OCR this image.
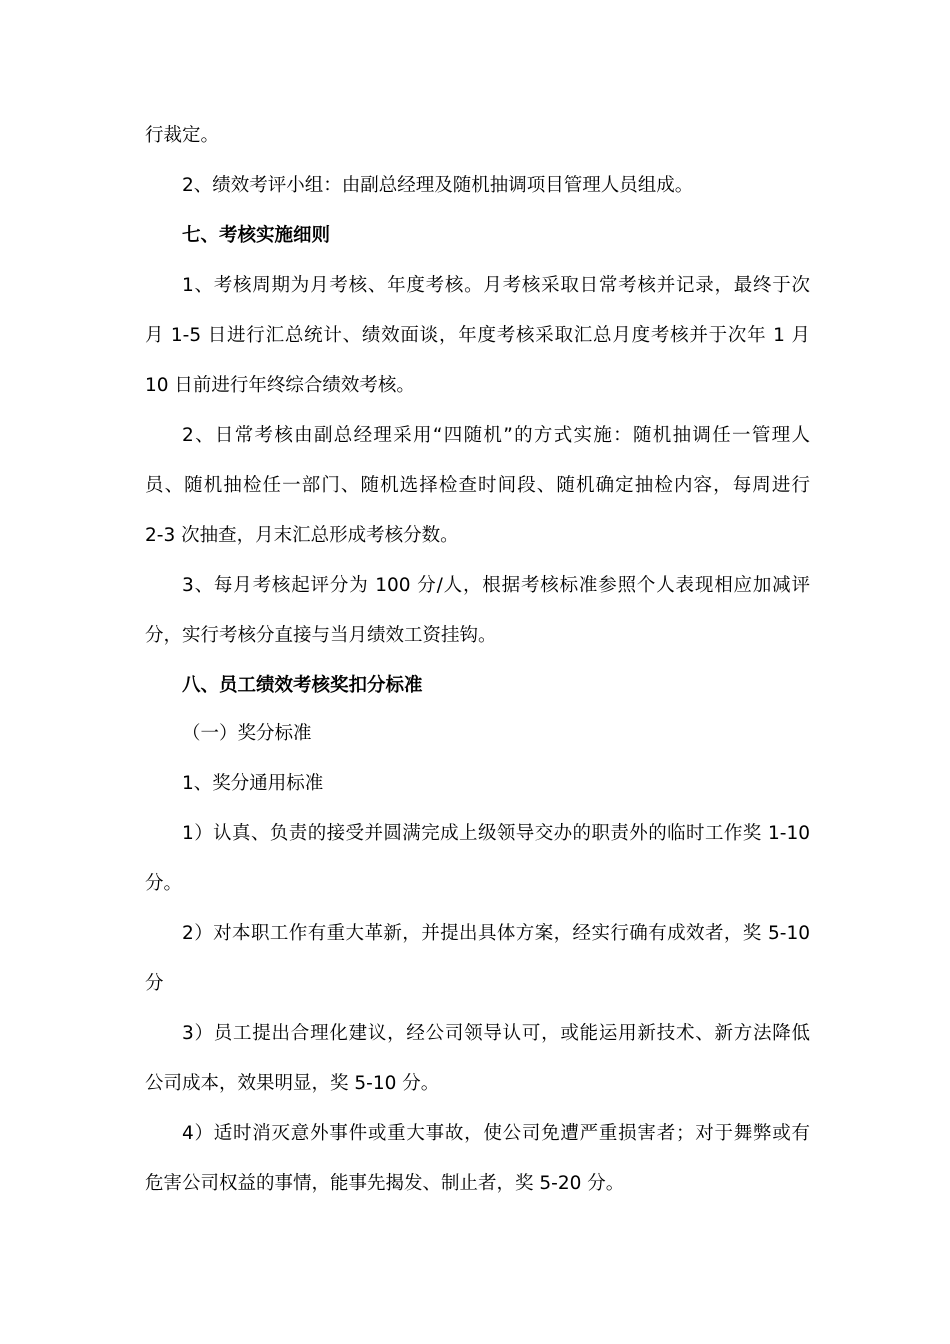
行裁定。
2、绩效考评小组：由副总经理及随机抽调项目管理人员组成。
七、考核实施细则
1、考核周期为月考核、年度考核。月考核采取日常考核并记录，最终于次
月 1-5 日进行汇总统计、绩效面谈，年度考核采取汇总月度考核并于次年 1 月
10 日前进行年终综合绩效考核。
2、日常考核由副总经理采用“四随机”的方式实施：随机抽调任一管理人
员、随机抽检任一部门、随机选择检查时间段、随机确定抽检内容，每周进行
2-3 次抽查，月末汇总形成考核分数。
3、每月考核起评分为 100 分/人，根据考核标准参照个人表现相应加减评
分，实行考核分直接与当月绩效工资挂钩。
八、员工绩效考核奖扣分标准
（一）奖分标准
1、奖分通用标准
1）认真、负责的接受并圆满完成上级领导交办的职责外的临时工作奖 1-10
分。
2）对本职工作有重大革新，并提出具体方案，经实行确有成效者，奖 5-10
分
3）员工提出合理化建议，经公司领导认可，或能运用新技术、新方法降低
公司成本，效果明显，奖 5-10 分。
4）适时消灭意外事件或重大事故，使公司免遭严重损害者；对于舞弊或有
危害公司权益的事情，能事先揭发、制止者，奖 5-20 分。
